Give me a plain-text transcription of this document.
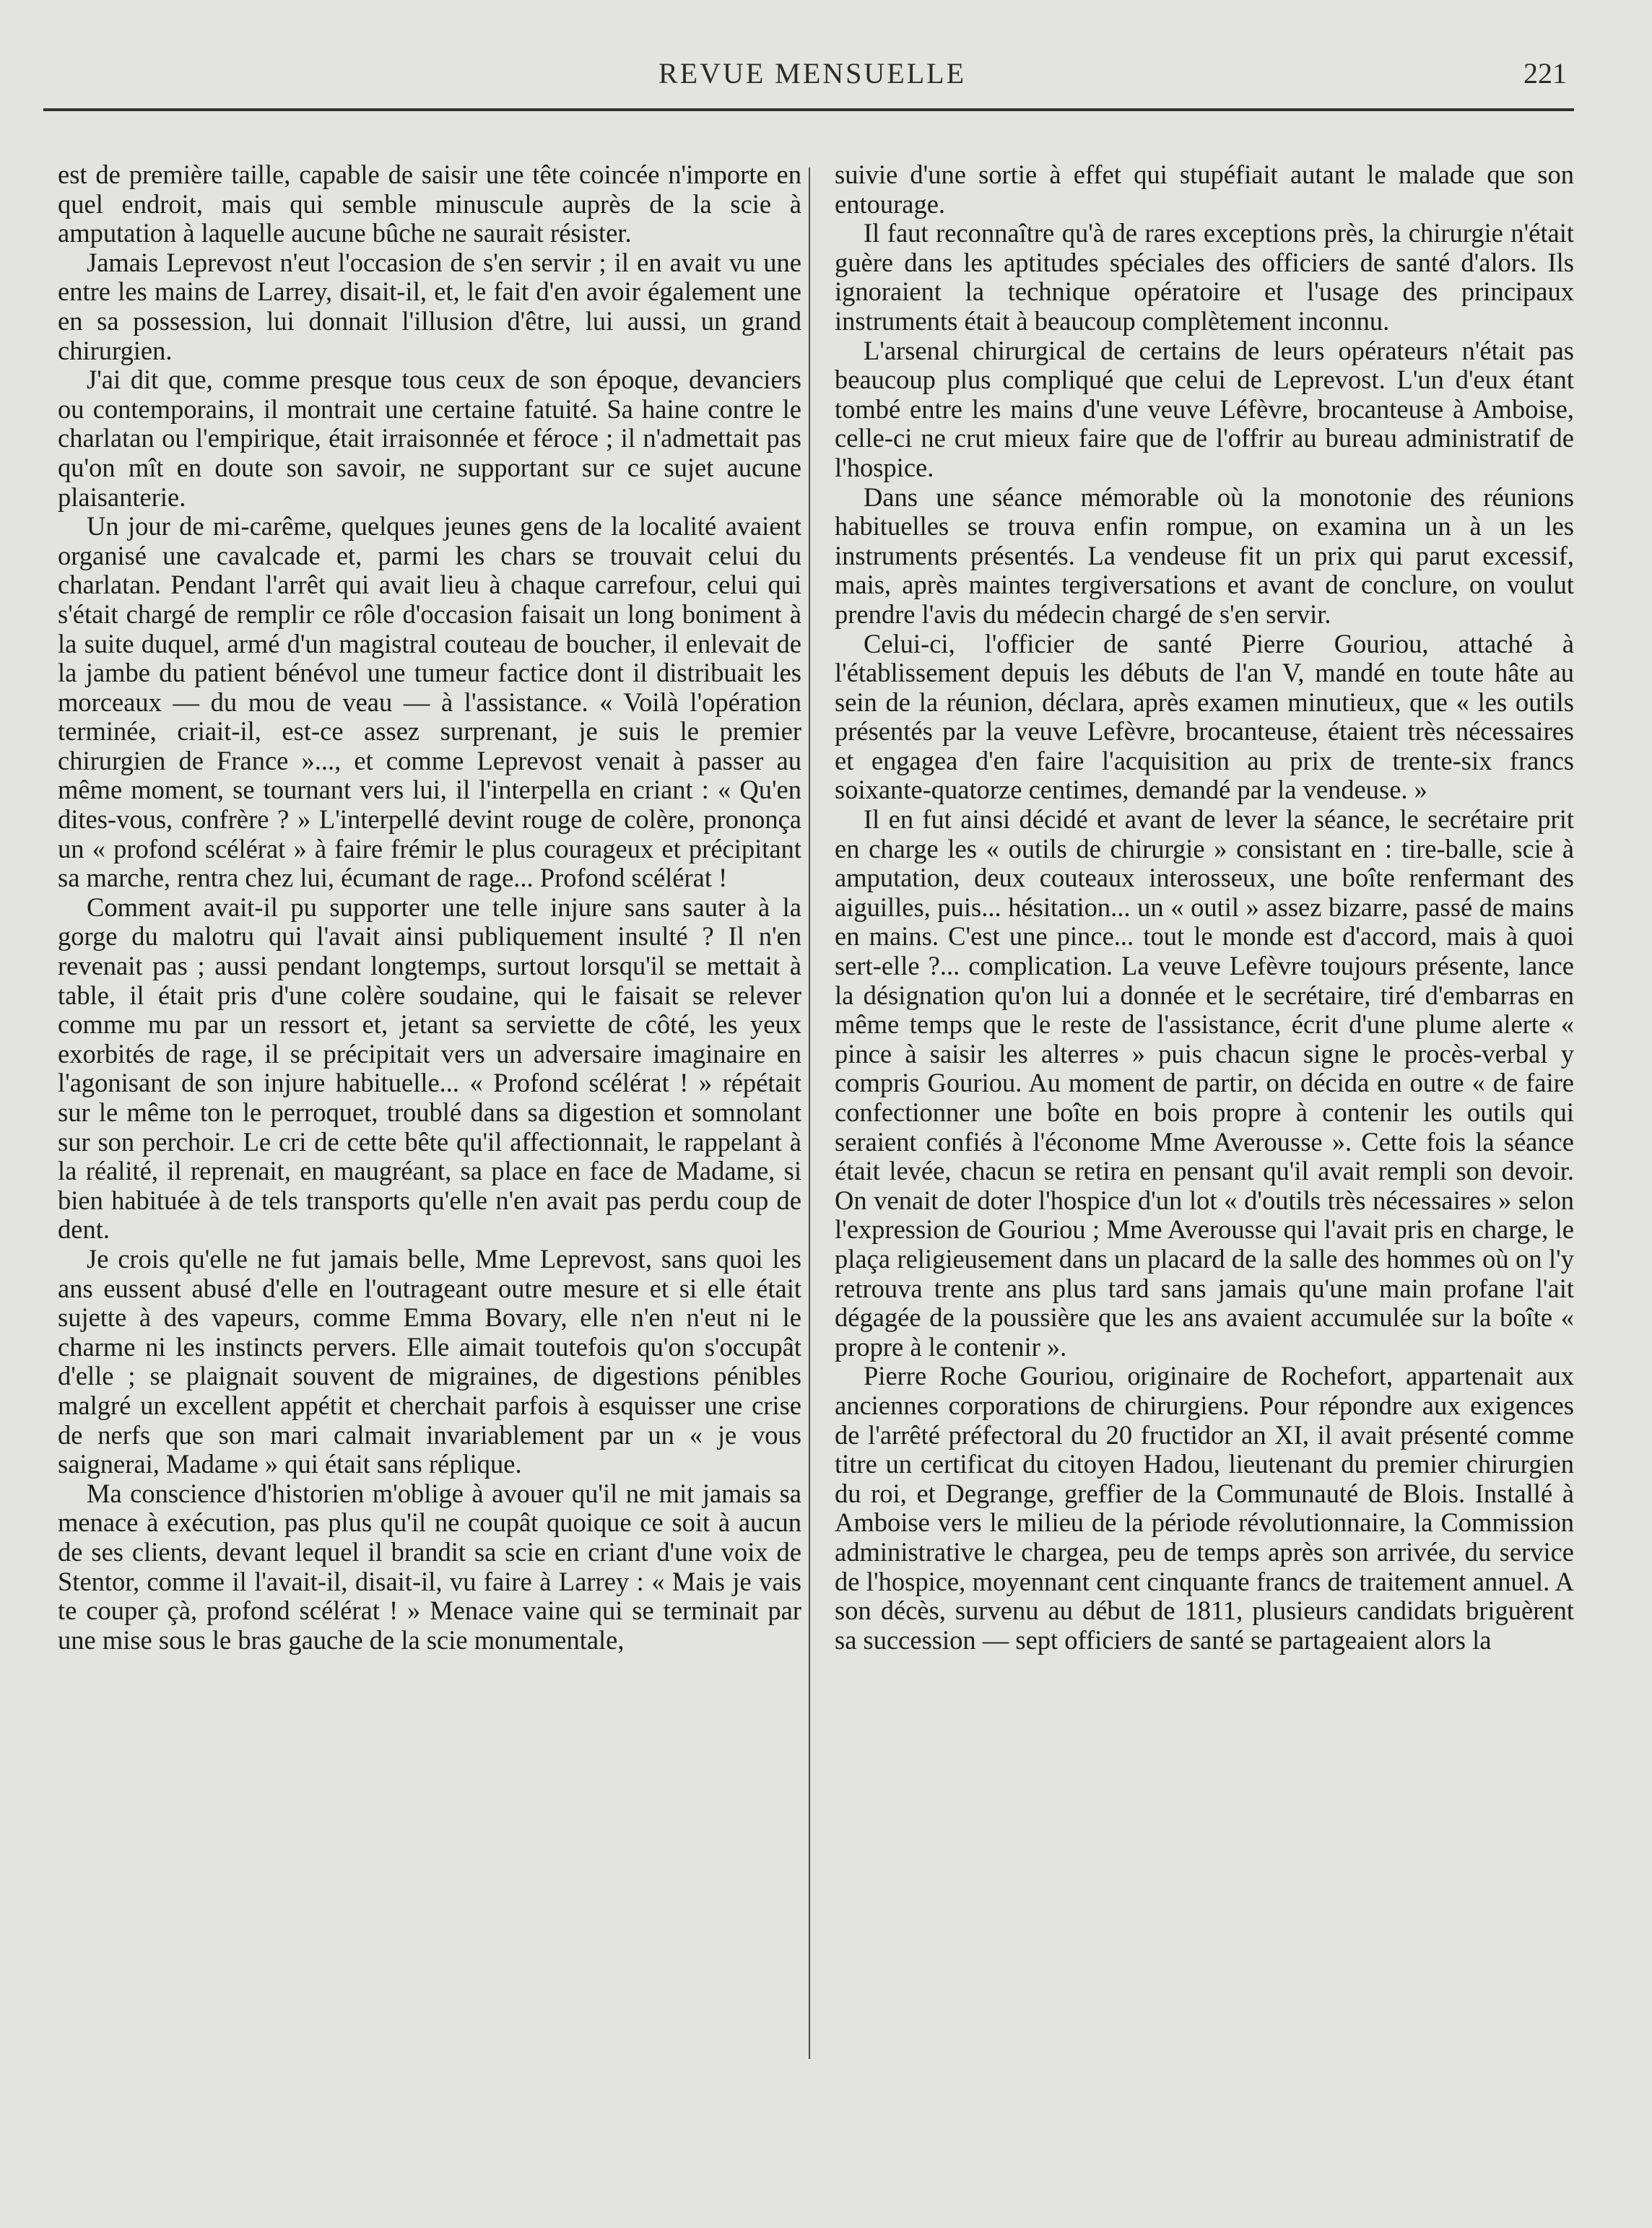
REVUE MENSUELLE	221

est de première taille, capable de saisir une tête coincée n'importe en quel endroit, mais qui semble minuscule auprès de la scie à amputation à laquelle aucune bûche ne saurait résister.

Jamais Leprevost n'eut l'occasion de s'en servir ; il en avait vu une entre les mains de Larrey, disait-il, et, le fait d'en avoir également une en sa possession, lui donnait l'illusion d'être, lui aussi, un grand chirurgien.

J'ai dit que, comme presque tous ceux de son époque, devanciers ou contemporains, il montrait une certaine fatuité. Sa haine contre le charlatan ou l'empirique, était irraisonnée et féroce ; il n'admettait pas qu'on mît en doute son savoir, ne supportant sur ce sujet aucune plaisanterie.

Un jour de mi-carême, quelques jeunes gens de la localité avaient organisé une cavalcade et, parmi les chars se trouvait celui du charlatan. Pendant l'arrêt qui avait lieu à chaque carrefour, celui qui s'était chargé de remplir ce rôle d'occasion faisait un long boniment à la suite duquel, armé d'un magistral couteau de boucher, il enlevait de la jambe du patient bénévol une tumeur factice dont il distribuait les morceaux — du mou de veau — à l'assistance. « Voilà l'opération terminée, criait-il, est-ce assez surprenant, je suis le premier chirurgien de France »..., et comme Leprevost venait à passer au même moment, se tournant vers lui, il l'interpella en criant : « Qu'en dites-vous, confrère ? » L'interpellé devint rouge de colère, prononça un « profond scélérat » à faire frémir le plus courageux et précipitant sa marche, rentra chez lui, écumant de rage... Profond scélérat !

Comment avait-il pu supporter une telle injure sans sauter à la gorge du malotru qui l'avait ainsi publiquement insulté ? Il n'en revenait pas ; aussi pendant longtemps, surtout lorsqu'il se mettait à table, il était pris d'une colère soudaine, qui le faisait se relever comme mu par un ressort et, jetant sa serviette de côté, les yeux exorbités de rage, il se précipitait vers un adversaire imaginaire en l'agonisant de son injure habituelle... « Profond scélérat ! » répétait sur le même ton le perroquet, troublé dans sa digestion et somnolant sur son perchoir. Le cri de cette bête qu'il affectionnait, le rappelant à la réalité, il reprenait, en maugréant, sa place en face de Madame, si bien habituée à de tels transports qu'elle n'en avait pas perdu coup de dent.

Je crois qu'elle ne fut jamais belle, Mme Leprevost, sans quoi les ans eussent abusé d'elle en l'outrageant outre mesure et si elle était sujette à des vapeurs, comme Emma Bovary, elle n'en n'eut ni le charme ni les instincts pervers. Elle aimait toutefois qu'on s'occupât d'elle ; se plaignait souvent de migraines, de digestions pénibles malgré un excellent appétit et cherchait parfois à esquisser une crise de nerfs que son mari calmait invariablement par un « je vous saignerai, Madame » qui était sans réplique.

Ma conscience d'historien m'oblige à avouer qu'il ne mit jamais sa menace à exécution, pas plus qu'il ne coupât quoique ce soit à aucun de ses clients, devant lequel il brandit sa scie en criant d'une voix de Stentor, comme il l'avait-il, disait-il, vu faire à Larrey : « Mais je vais te couper çà, profond scélérat ! » Menace vaine qui se terminait par une mise sous le bras gauche de la scie monumentale,

suivie d'une sortie à effet qui stupéfiait autant le malade que son entourage.

Il faut reconnaître qu'à de rares exceptions près, la chirurgie n'était guère dans les aptitudes spéciales des officiers de santé d'alors. Ils ignoraient la technique opératoire et l'usage des principaux instruments était à beaucoup complètement inconnu.

L'arsenal chirurgical de certains de leurs opérateurs n'était pas beaucoup plus compliqué que celui de Leprevost. L'un d'eux étant tombé entre les mains d'une veuve Léfèvre, brocanteuse à Amboise, celle-ci ne crut mieux faire que de l'offrir au bureau administratif de l'hospice.

Dans une séance mémorable où la monotonie des réunions habituelles se trouva enfin rompue, on examina un à un les instruments présentés. La vendeuse fit un prix qui parut excessif, mais, après maintes tergiversations et avant de conclure, on voulut prendre l'avis du médecin chargé de s'en servir.

Celui-ci, l'officier de santé Pierre Gouriou, attaché à l'établissement depuis les débuts de l'an V, mandé en toute hâte au sein de la réunion, déclara, après examen minutieux, que « les outils présentés par la veuve Lefèvre, brocanteuse, étaient très nécessaires et engagea d'en faire l'acquisition au prix de trente-six francs soixante-quatorze centimes, demandé par la vendeuse. »

Il en fut ainsi décidé et avant de lever la séance, le secrétaire prit en charge les « outils de chirurgie » consistant en : tire-balle, scie à amputation, deux couteaux interosseux, une boîte renfermant des aiguilles, puis... hésitation... un « outil » assez bizarre, passé de mains en mains. C'est une pince... tout le monde est d'accord, mais à quoi sert-elle ?... complication. La veuve Lefèvre toujours présente, lance la désignation qu'on lui a donnée et le secrétaire, tiré d'embarras en même temps que le reste de l'assistance, écrit d'une plume alerte « pince à saisir les alterres » puis chacun signe le procès-verbal y compris Gouriou. Au moment de partir, on décida en outre « de faire confectionner une boîte en bois propre à contenir les outils qui seraient confiés à l'économe Mme Averousse ». Cette fois la séance était levée, chacun se retira en pensant qu'il avait rempli son devoir. On venait de doter l'hospice d'un lot « d'outils très nécessaires » selon l'expression de Gouriou ; Mme Averousse qui l'avait pris en charge, le plaça religieusement dans un placard de la salle des hommes où on l'y retrouva trente ans plus tard sans jamais qu'une main profane l'ait dégagée de la poussière que les ans avaient accumulée sur la boîte « propre à le contenir ».

Pierre Roche Gouriou, originaire de Rochefort, appartenait aux anciennes corporations de chirurgiens. Pour répondre aux exigences de l'arrêté préfectoral du 20 fructidor an XI, il avait présenté comme titre un certificat du citoyen Hadou, lieutenant du premier chirurgien du roi, et Degrange, greffier de la Communauté de Blois. Installé à Amboise vers le milieu de la période révolutionnaire, la Commission administrative le chargea, peu de temps après son arrivée, du service de l'hospice, moyennant cent cinquante francs de traitement annuel. A son décès, survenu au début de 1811, plusieurs candidats briguèrent sa succession — sept officiers de santé se partageaient alors la
